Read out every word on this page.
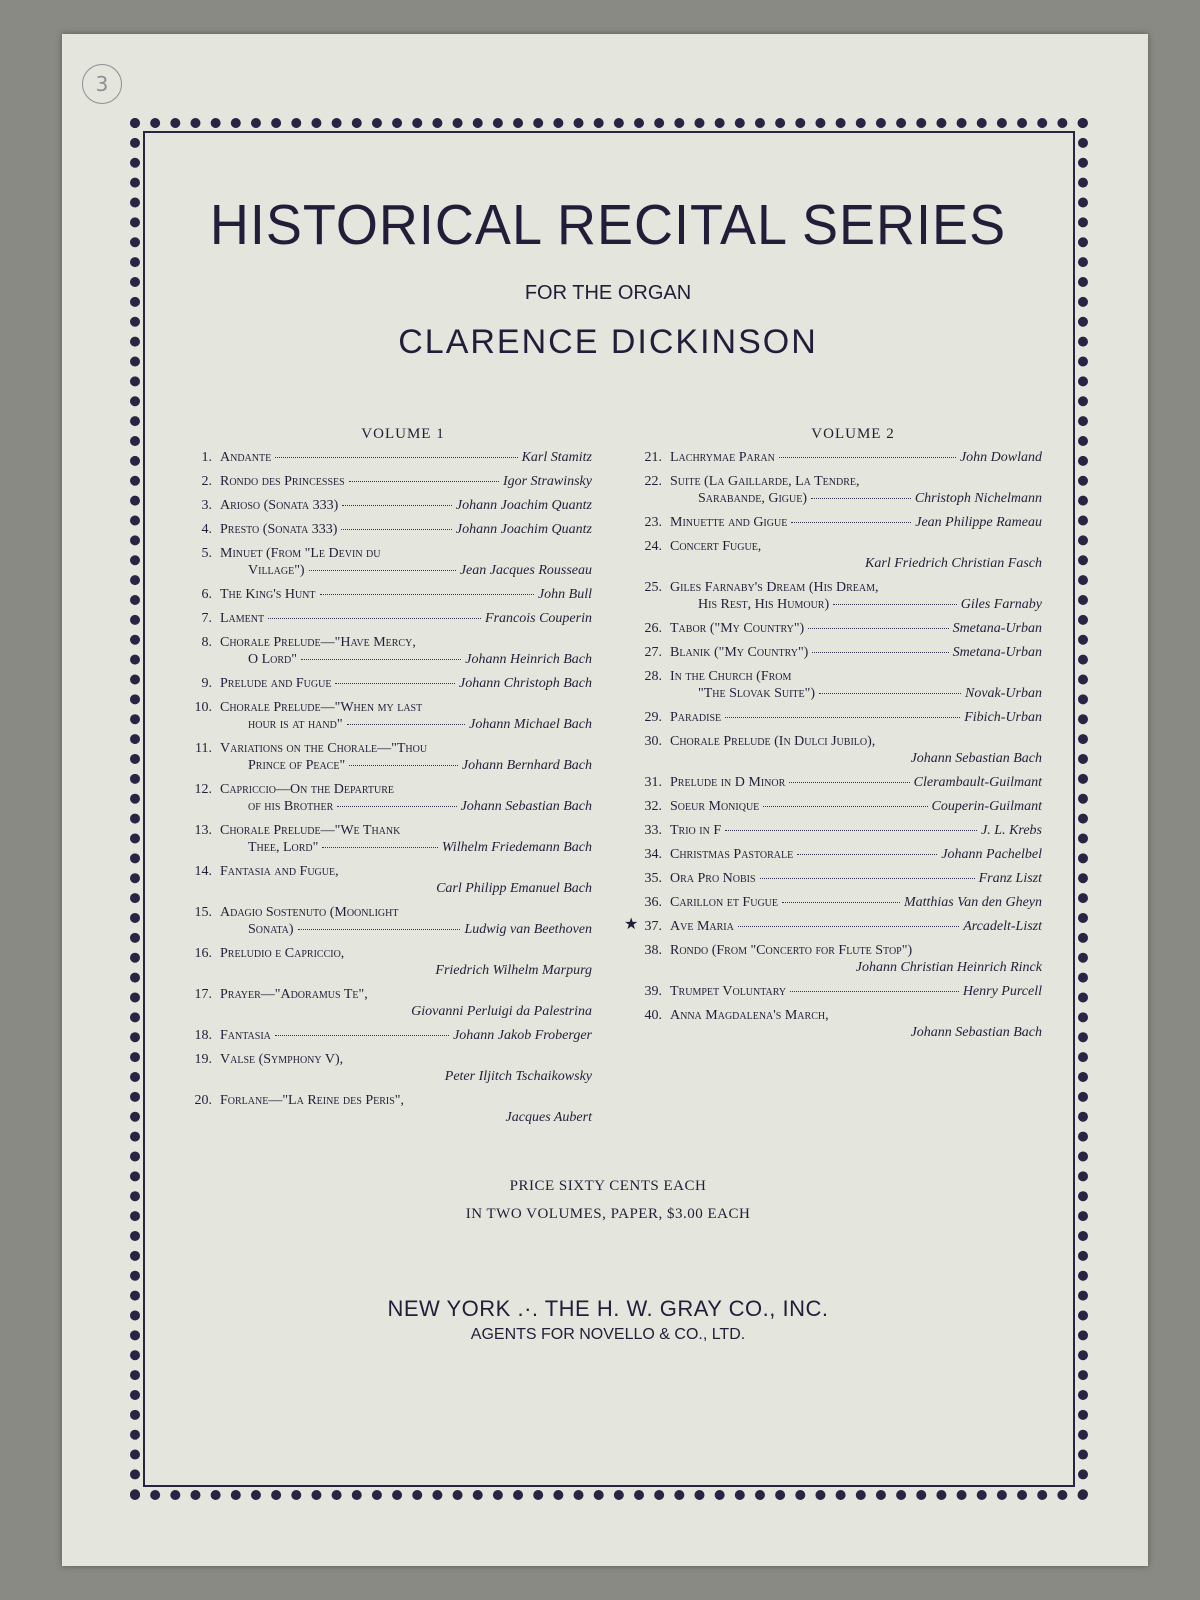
3
HISTORICAL RECITAL SERIES
FOR THE ORGAN
CLARENCE DICKINSON
VOLUME 1
1. Andante	Karl Stamitz
2. Rondo des Princesses	Igor Strawinsky
3. Arioso (Sonata 333)	Johann Joachim Quantz
4. Presto (Sonata 333)	Johann Joachim Quantz
5. Minuet (From "Le Devin du
Village")	Jean Jacques Rousseau
6. The King's Hunt	John Bull
7. Lament	Francois Couperin
8. Chorale Prelude—"Have Mercy,
O Lord"	Johann Heinrich Bach
9. Prelude and Fugue	Johann Christoph Bach
10. Chorale Prelude—"When my last
hour is at hand"	Johann Michael Bach
11. Variations on the Chorale—"Thou
Prince of Peace"	Johann Bernhard Bach
12. Capriccio—On the Departure
of his Brother	Johann Sebastian Bach
13. Chorale Prelude—"We Thank
Thee, Lord"	Wilhelm Friedemann Bach
14. Fantasia and Fugue,
Carl Philipp Emanuel Bach
15. Adagio Sostenuto (Moonlight
Sonata)	Ludwig van Beethoven
16. Preludio e Capriccio,
Friedrich Wilhelm Marpurg
17. Prayer—"Adoramus Te",
Giovanni Perluigi da Palestrina
18. Fantasia	Johann Jakob Froberger
19. Valse (Symphony V),
Peter Iljitch Tschaikowsky
20. Forlane—"La Reine des Peris",
Jacques Aubert
VOLUME 2
21. Lachrymae Paran	John Dowland
22. Suite (La Gaillarde, La Tendre,
Sarabande, Gigue)	Christoph Nichelmann
23. Minuette and Gigue	Jean Philippe Rameau
24. Concert Fugue,
Karl Friedrich Christian Fasch
25. Giles Farnaby's Dream (His Dream,
His Rest, His Humour)	Giles Farnaby
26. Tabor ("My Country")	Smetana-Urban
27. Blanik ("My Country")	Smetana-Urban
28. In the Church (From
"The Slovak Suite")	Novak-Urban
29. Paradise	Fibich-Urban
30. Chorale Prelude (In Dulci Jubilo),
Johann Sebastian Bach
31. Prelude in D Minor	Clerambault-Guilmant
32. Soeur Monique	Couperin-Guilmant
33. Trio in F	J. L. Krebs
34. Christmas Pastorale	Johann Pachelbel
35. Ora Pro Nobis	Franz Liszt
36. Carillon et Fugue	Matthias Van den Gheyn
★ 37. Ave Maria	Arcadelt-Liszt
38. Rondo (From "Concerto for Flute Stop")
Johann Christian Heinrich Rinck
39. Trumpet Voluntary	Henry Purcell
40. Anna Magdalena's March,
Johann Sebastian Bach
PRICE SIXTY CENTS EACH
IN TWO VOLUMES, PAPER, $3.00 EACH
NEW YORK .·. THE H. W. GRAY CO., INC.
AGENTS FOR NOVELLO & CO., LTD.
